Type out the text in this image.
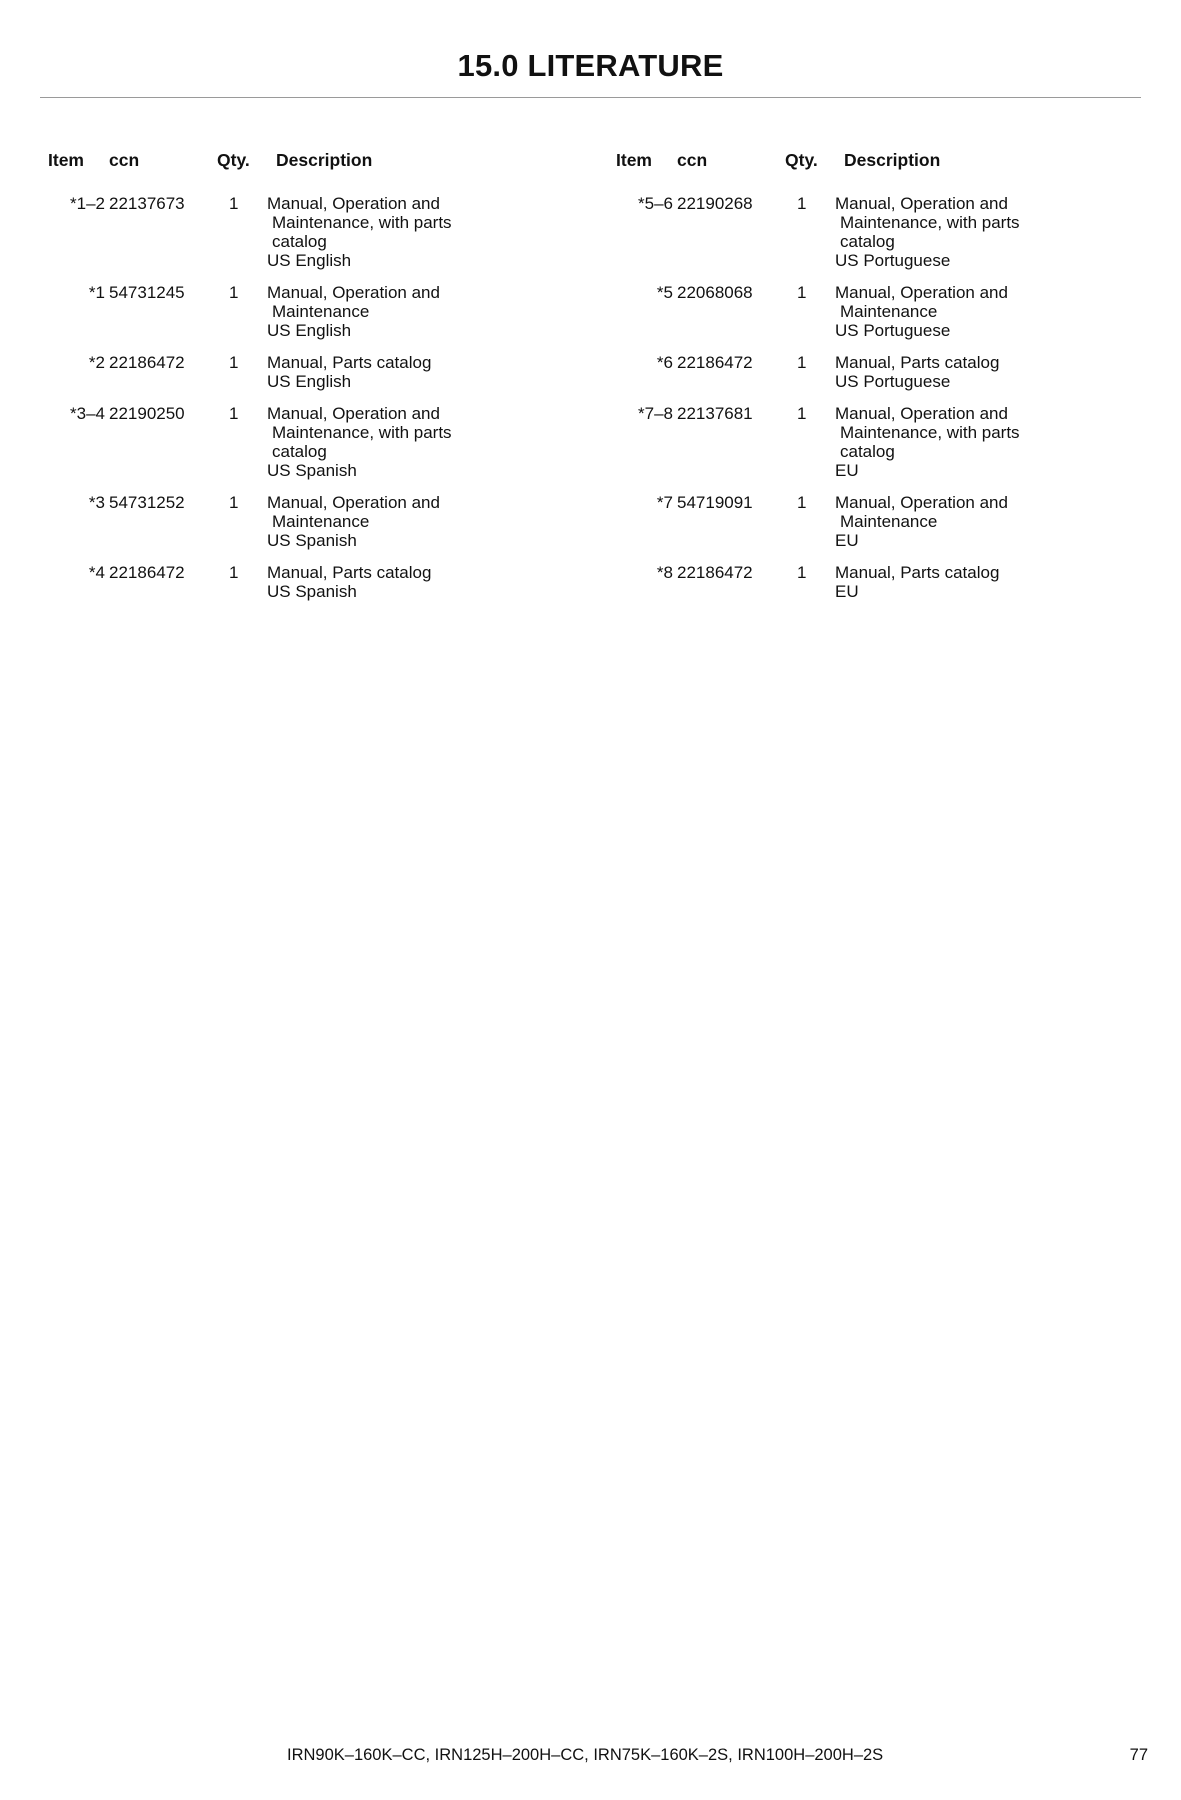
15.0 LITERATURE
Item ccn	Qty. Description
*1–2 22137673	1 Manual, Operation and
Maintenance, with parts
catalog
US English
*1 54731245	1 Manual, Operation and
Maintenance
US English
*2 22186472	1 Manual, Parts catalog
US English
*3–4 22190250	1 Manual, Operation and
Maintenance, with parts
catalog
US Spanish
*3 54731252	1 Manual, Operation and
Maintenance
US Spanish
*4 22186472	1 Manual, Parts catalog
US Spanish
Item ccn	Qty. Description
*5–6 22190268	1 Manual, Operation and
Maintenance, with parts
catalog
US Portuguese
*5 22068068	1 Manual, Operation and
Maintenance
US Portuguese
*6 22186472	1 Manual, Parts catalog
US Portuguese
*7–8 22137681	1 Manual, Operation and
Maintenance, with parts
catalog
EU
*7 54719091	1 Manual, Operation and
Maintenance
EU
*8 22186472	1 Manual, Parts catalog
EU
IRN90K–160K–CC, IRN125H–200H–CC, IRN75K–160K–2S, IRN100H–200H–2S	77
